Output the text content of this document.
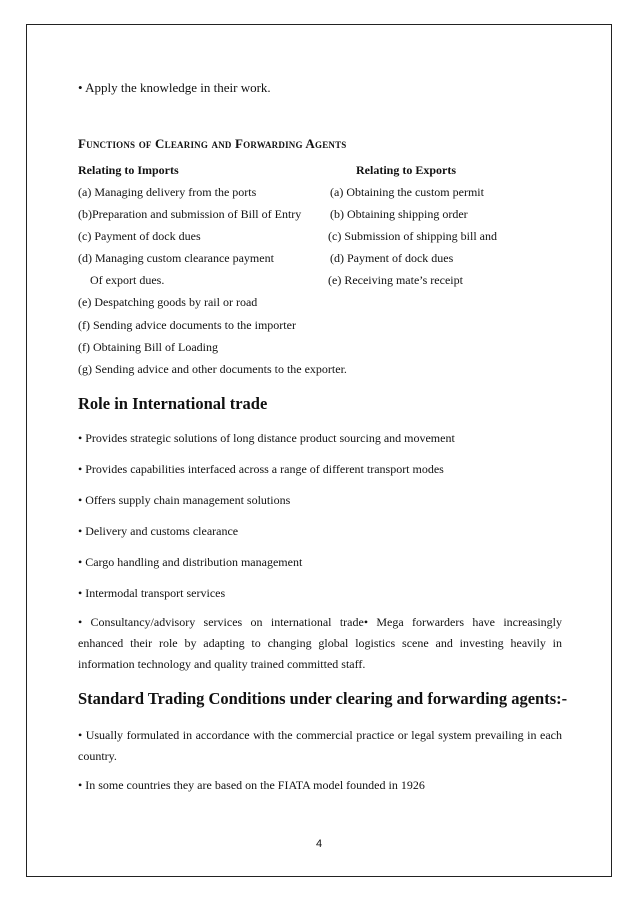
• Apply the knowledge in their work.
Functions of Clearing and Forwarding Agents
Relating to Imports	Relating to Exports
(a) Managing delivery from the ports
(b)Preparation and submission of Bill of Entry
(c) Payment of dock dues
(d) Managing custom clearance payment
Of export dues.
(e) Despatching goods by rail or road
(f) Sending advice documents to the importer
(f) Obtaining Bill of Loading
(g) Sending advice and other documents to the exporter.
(a) Obtaining the custom permit
(b) Obtaining shipping order
(c) Submission of shipping bill and
(d) Payment of dock dues
(e) Receiving mate’s receipt
Role in International trade
• Provides strategic solutions of long distance product sourcing and movement
• Provides capabilities interfaced across a range of different transport modes
• Offers supply chain management solutions
• Delivery and customs clearance
• Cargo handling and distribution management
• Intermodal transport services
• Consultancy/advisory services on international trade• Mega forwarders have increasingly enhanced their role by adapting to changing global logistics scene and investing heavily in information technology and quality trained committed staff.
Standard Trading Conditions under clearing and forwarding agents:-
• Usually formulated in accordance with the commercial practice or legal system prevailing in each country.
• In some countries they are based on the FIATA model founded in 1926
4
